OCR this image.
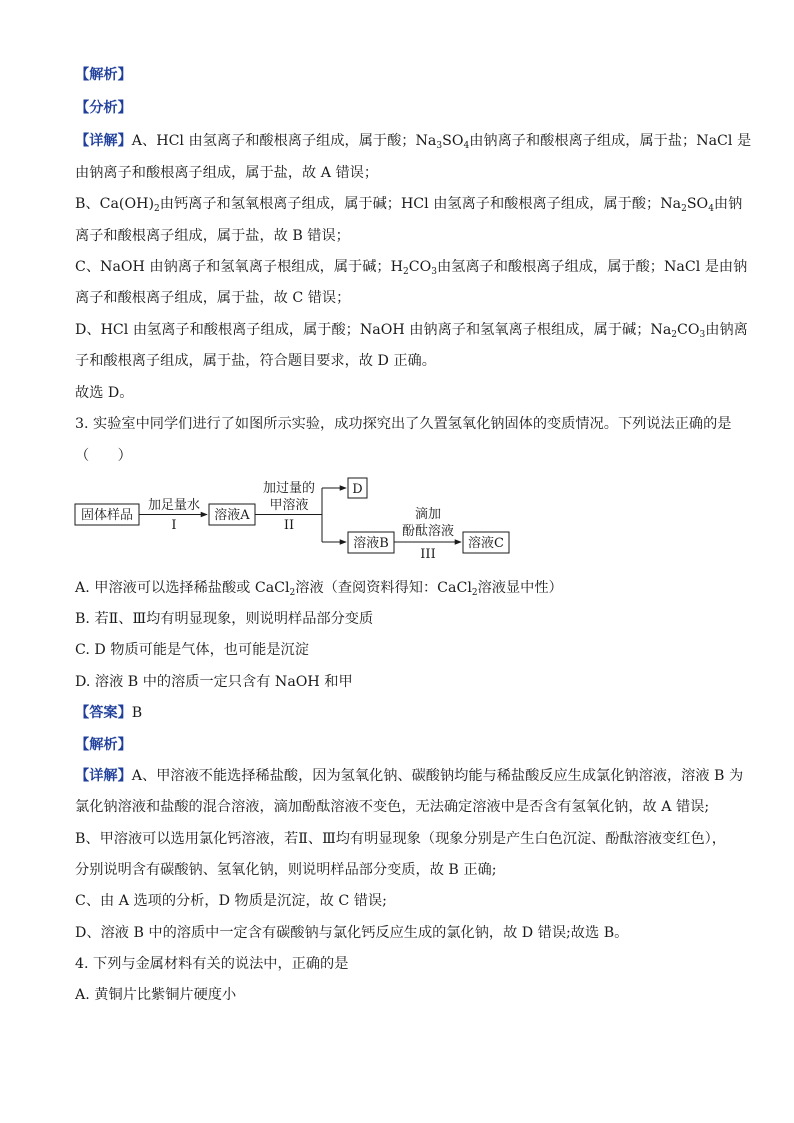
【解析】
【分析】
【详解】A、HCl 由氢离子和酸根离子组成，属于酸；$Na_3SO_4$由钠离子和酸根离子组成，属于盐；NaCl 是
由钠离子和酸根离子组成，属于盐，故 A 错误；
B、$Ca(OH)_2$由钙离子和氢氧根离子组成，属于碱；HCl 由氢离子和酸根离子组成，属于酸；$Na_2SO_4$由钠
离子和酸根离子组成，属于盐，故 B 错误；
C、NaOH 由钠离子和氢氧离子根组成，属于碱；$H_2CO_3$由氢离子和酸根离子组成，属于酸；NaCl 是由钠
离子和酸根离子组成，属于盐，故 C 错误；
D、HCl 由氢离子和酸根离子组成，属于酸；NaOH 由钠离子和氢氧离子根组成，属于碱；$Na_2CO_3$由钠离
子和酸根离子组成，属于盐，符合题目要求，故 D 正确。
故选 D。
3. 实验室中同学们进行了如图所示实验，成功探究出了久置氢氧化钠固体的变质情况。下列说法正确的是
（　　）
固体样品	溶液A
D
溶液B	溶液C
加足量水
I
加过量的
甲溶液
II
滴加
酚酞溶液
III
A. 甲溶液可以选择稀盐酸或 CaCl$_2$溶液（查阅资料得知：CaCl$_2$溶液显中性）
B. 若Ⅱ、Ⅲ均有明显现象，则说明样品部分变质
C. D 物质可能是气体，也可能是沉淀
D. 溶液 B 中的溶质一定只含有 NaOH 和甲
【答案】B
【解析】
【详解】A、甲溶液不能选择稀盐酸，因为氢氧化钠、碳酸钠均能与稀盐酸反应生成氯化钠溶液，溶液 B 为
氯化钠溶液和盐酸的混合溶液，滴加酚酞溶液不变色，无法确定溶液中是否含有氢氧化钠，故 A 错误;
B、甲溶液可以选用氯化钙溶液，若Ⅱ、Ⅲ均有明显现象（现象分别是产生白色沉淀、酚酞溶液变红色），
分别说明含有碳酸钠、氢氧化钠，则说明样品部分变质，故 B 正确;
C、由 A 选项的分析，D 物质是沉淀，故 C 错误;
D、溶液 B 中的溶质中一定含有碳酸钠与氯化钙反应生成的氯化钠，故 D 错误;故选 B。
4. 下列与金属材料有关的说法中，正确的是
A. 黄铜片比紫铜片硬度小
